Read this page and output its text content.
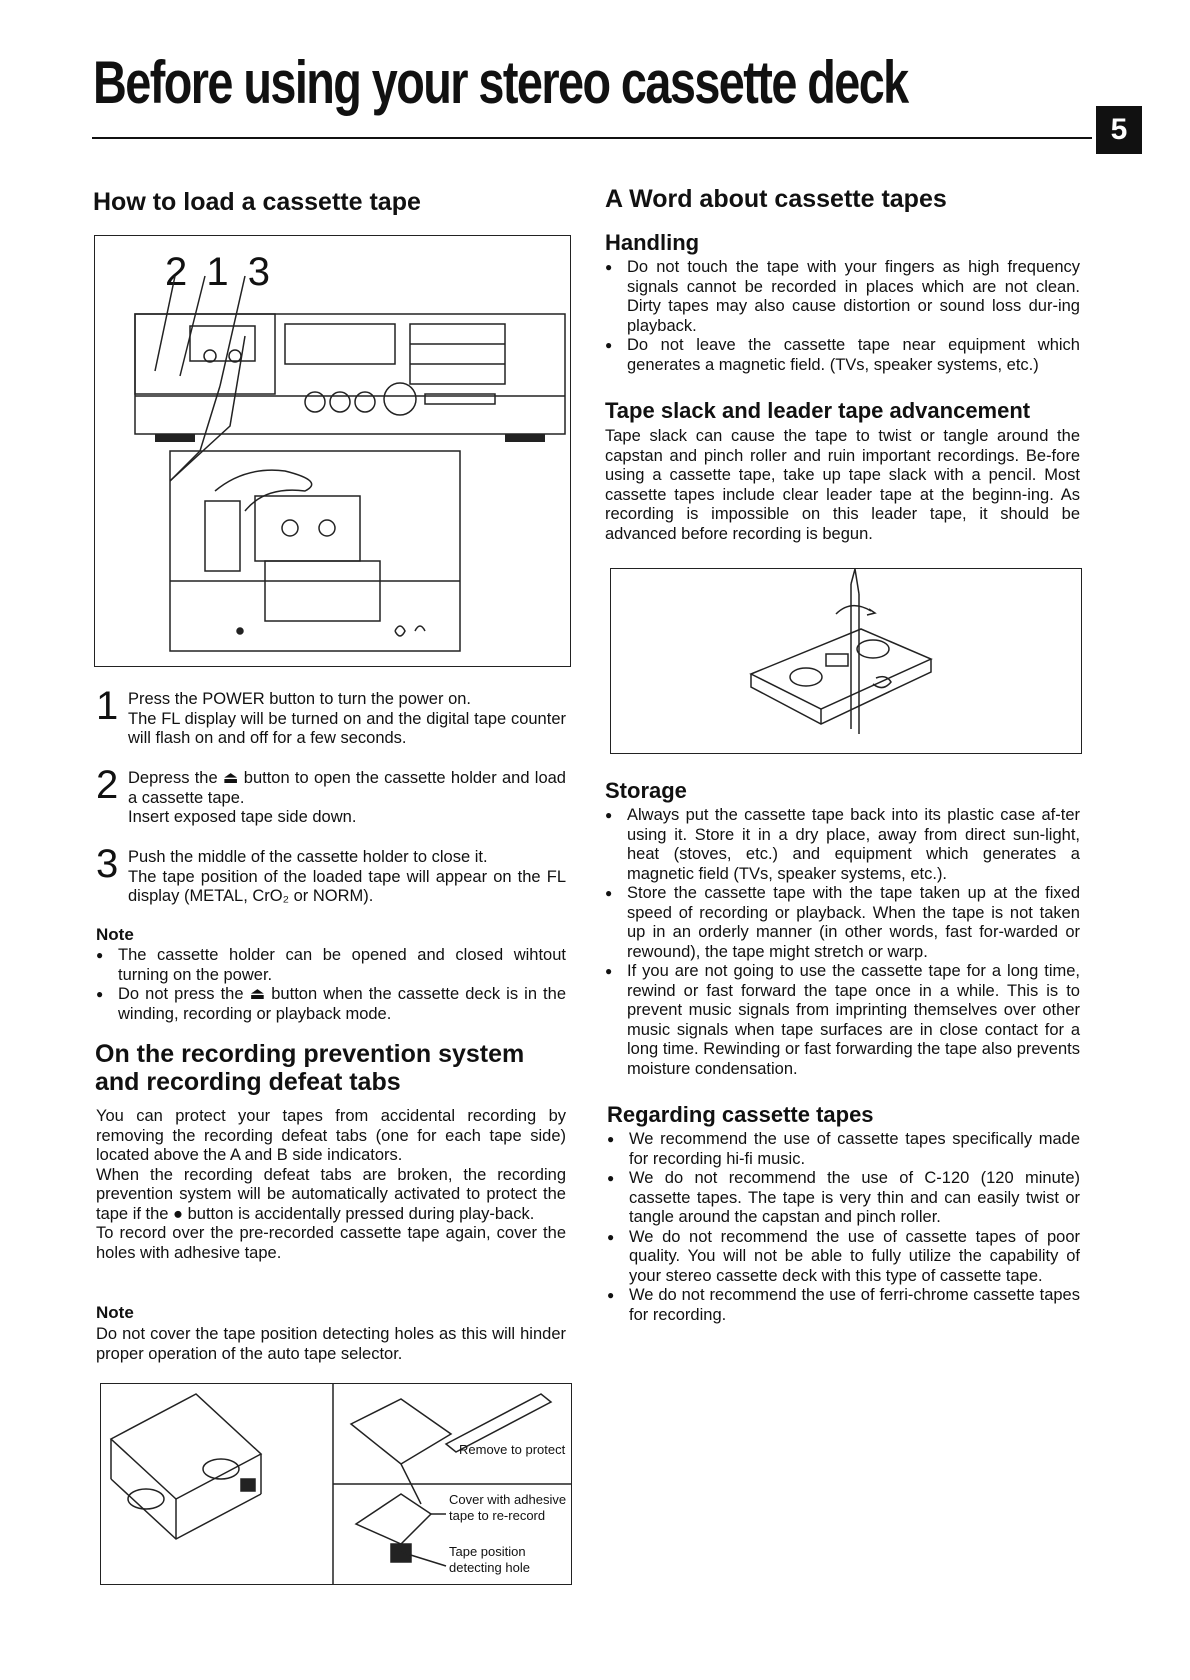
Before using your stereo cassette deck
5
How to load a cassette tape
2 1 3
1 Press the POWER button to turn the power on.
The FL display will be turned on and the digital tape counter will flash on and off for a few seconds.
2 Depress the ⏏ button to open the cassette holder and load a cassette tape.
Insert exposed tape side down.
3 Push the middle of the cassette holder to close it.
The tape position of the loaded tape will appear on the FL display (METAL, CrO₂ or NORM).
Note
● The cassette holder can be opened and closed wihtout turning on the power.
● Do not press the ⏏ button when the cassette deck is in the winding, recording or playback mode.
On the recording prevention system
and recording defeat tabs

You can protect your tapes from accidental recording by removing the recording defeat tabs (one for each tape side) located above the A and B side indicators.

When the recording defeat tabs are broken, the recording prevention system will be automatically activated to protect the tape if the ● button is accidentally pressed during play-back.

To record over the pre-recorded cassette tape again, cover the holes with adhesive tape.

Note
Do not cover the tape position detecting holes as this will hinder proper operation of the auto tape selector.
Remove to protect
Cover with adhesive tape to re-record
Tape position detecting hole
A Word about cassette tapes
Handling
● Do not touch the tape with your fingers as high frequency signals cannot be recorded in places which are not clean. Dirty tapes may also cause distortion or sound loss dur-ing playback.
● Do not leave the cassette tape near equipment which generates a magnetic field. (TVs, speaker systems, etc.)
Tape slack and leader tape advancement
Tape slack can cause the tape to twist or tangle around the capstan and pinch roller and ruin important recordings. Be-fore using a cassette tape, take up tape slack with a pencil. Most cassette tapes include clear leader tape at the beginn-ing. As recording is impossible on this leader tape, it should be advanced before recording is begun.
Storage
● Always put the cassette tape back into its plastic case af-ter using it. Store it in a dry place, away from direct sun-light, heat (stoves, etc.) and equipment which generates a magnetic field (TVs, speaker systems, etc.).
● Store the cassette tape with the tape taken up at the fixed speed of recording or playback. When the tape is not taken up in an orderly manner (in other words, fast for-warded or rewound), the tape might stretch or warp.
● If you are not going to use the cassette tape for a long time, rewind or fast forward the tape once in a while. This is to prevent music signals from imprinting themselves over other music signals when tape surfaces are in close contact for a long time. Rewinding or fast forwarding the tape also prevents moisture condensation.
Regarding cassette tapes
● We recommend the use of cassette tapes specifically made for recording hi-fi music.
● We do not recommend the use of C-120 (120 minute) cassette tapes. The tape is very thin and can easily twist or tangle around the capstan and pinch roller.
● We do not recommend the use of cassette tapes of poor quality. You will not be able to fully utilize the capability of your stereo cassette deck with this type of cassette tape.
● We do not recommend the use of ferri-chrome cassette tapes for recording.
